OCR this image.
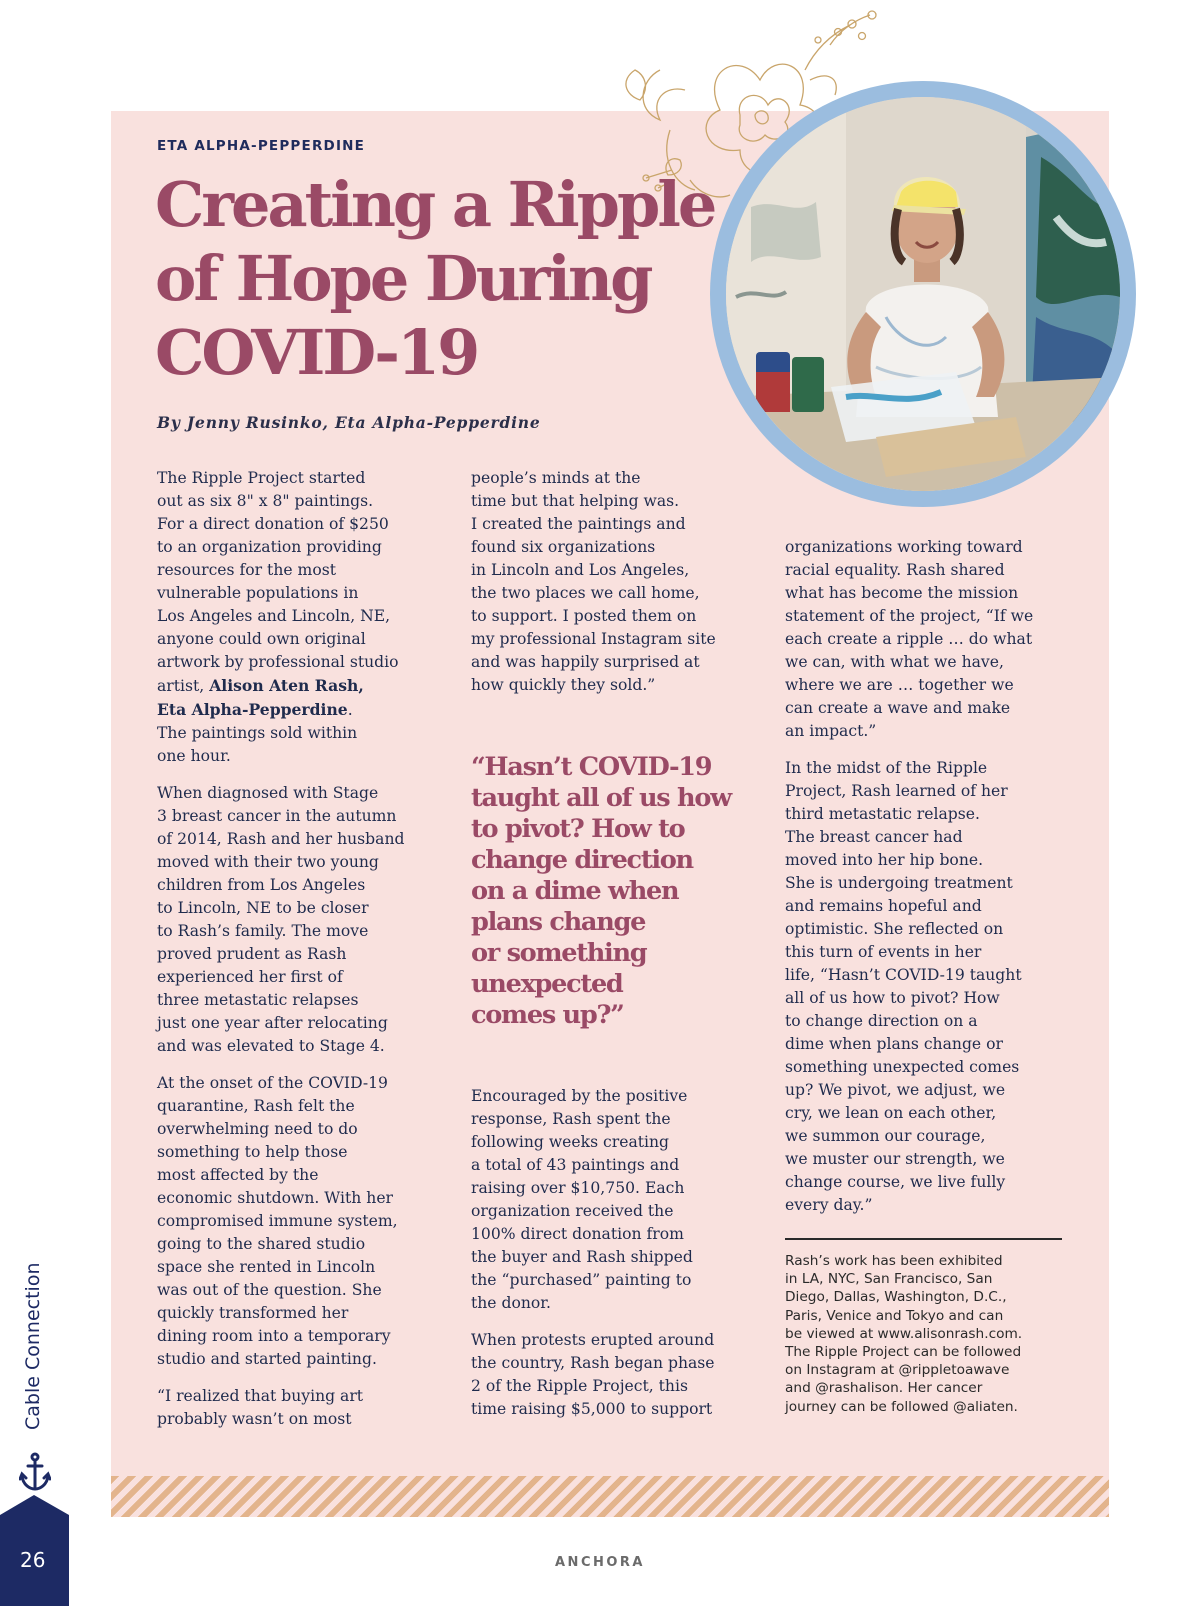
ETA ALPHA-PEPPERDINE
Creating a Ripple
of Hope During
COVID-19
By Jenny Rusinko, Eta Alpha-Pepperdine

The Ripple Project started
out as six 8" x 8" paintings.
For a direct donation of $250
to an organization providing
resources for the most
vulnerable populations in
Los Angeles and Lincoln, NE,
anyone could own original
artwork by professional studio
artist, Alison Aten Rash,
Eta Alpha-Pepperdine.
The paintings sold within
one hour.

When diagnosed with Stage
3 breast cancer in the autumn
of 2014, Rash and her husband
moved with their two young
children from Los Angeles
to Lincoln, NE to be closer
to Rash’s family. The move
proved prudent as Rash
experienced her first of
three metastatic relapses
just one year after relocating
and was elevated to Stage 4.

At the onset of the COVID-19
quarantine, Rash felt the
overwhelming need to do
something to help those
most affected by the
economic shutdown. With her
compromised immune system,
going to the shared studio
space she rented in Lincoln
was out of the question. She
quickly transformed her
dining room into a temporary
studio and started painting.

“I realized that buying art
probably wasn’t on most

people’s minds at the
time but that helping was.
I created the paintings and
found six organizations
in Lincoln and Los Angeles,
the two places we call home,
to support. I posted them on
my professional Instagram site
and was happily surprised at
how quickly they sold.”

“Hasn’t COVID-19
taught all of us how
to pivot? How to
change direction
on a dime when
plans change
or something
unexpected
comes up?”

Encouraged by the positive
response, Rash spent the
following weeks creating
a total of 43 paintings and
raising over $10,750. Each
organization received the
100% direct donation from
the buyer and Rash shipped
the “purchased” painting to
the donor.

When protests erupted around
the country, Rash began phase
2 of the Ripple Project, this
time raising $5,000 to support

organizations working toward
racial equality. Rash shared
what has become the mission
statement of the project, “If we
each create a ripple … do what
we can, with what we have,
where we are … together we
can create a wave and make
an impact.”

In the midst of the Ripple
Project, Rash learned of her
third metastatic relapse.
The breast cancer had
moved into her hip bone.
She is undergoing treatment
and remains hopeful and
optimistic. She reflected on
this turn of events in her
life, “Hasn’t COVID-19 taught
all of us how to pivot? How
to change direction on a
dime when plans change or
something unexpected comes
up? We pivot, we adjust, we
cry, we lean on each other,
we summon our courage,
we muster our strength, we
change course, we live fully
every day.”

Rash’s work has been exhibited
in LA, NYC, San Francisco, San
Diego, Dallas, Washington, D.C.,
Paris, Venice and Tokyo and can
be viewed at www.alisonrash.com.
The Ripple Project can be followed
on Instagram at @rippletoawave
and @rashalison. Her cancer
journey can be followed @aliaten.
Cable Connection
26	ANCHORA
